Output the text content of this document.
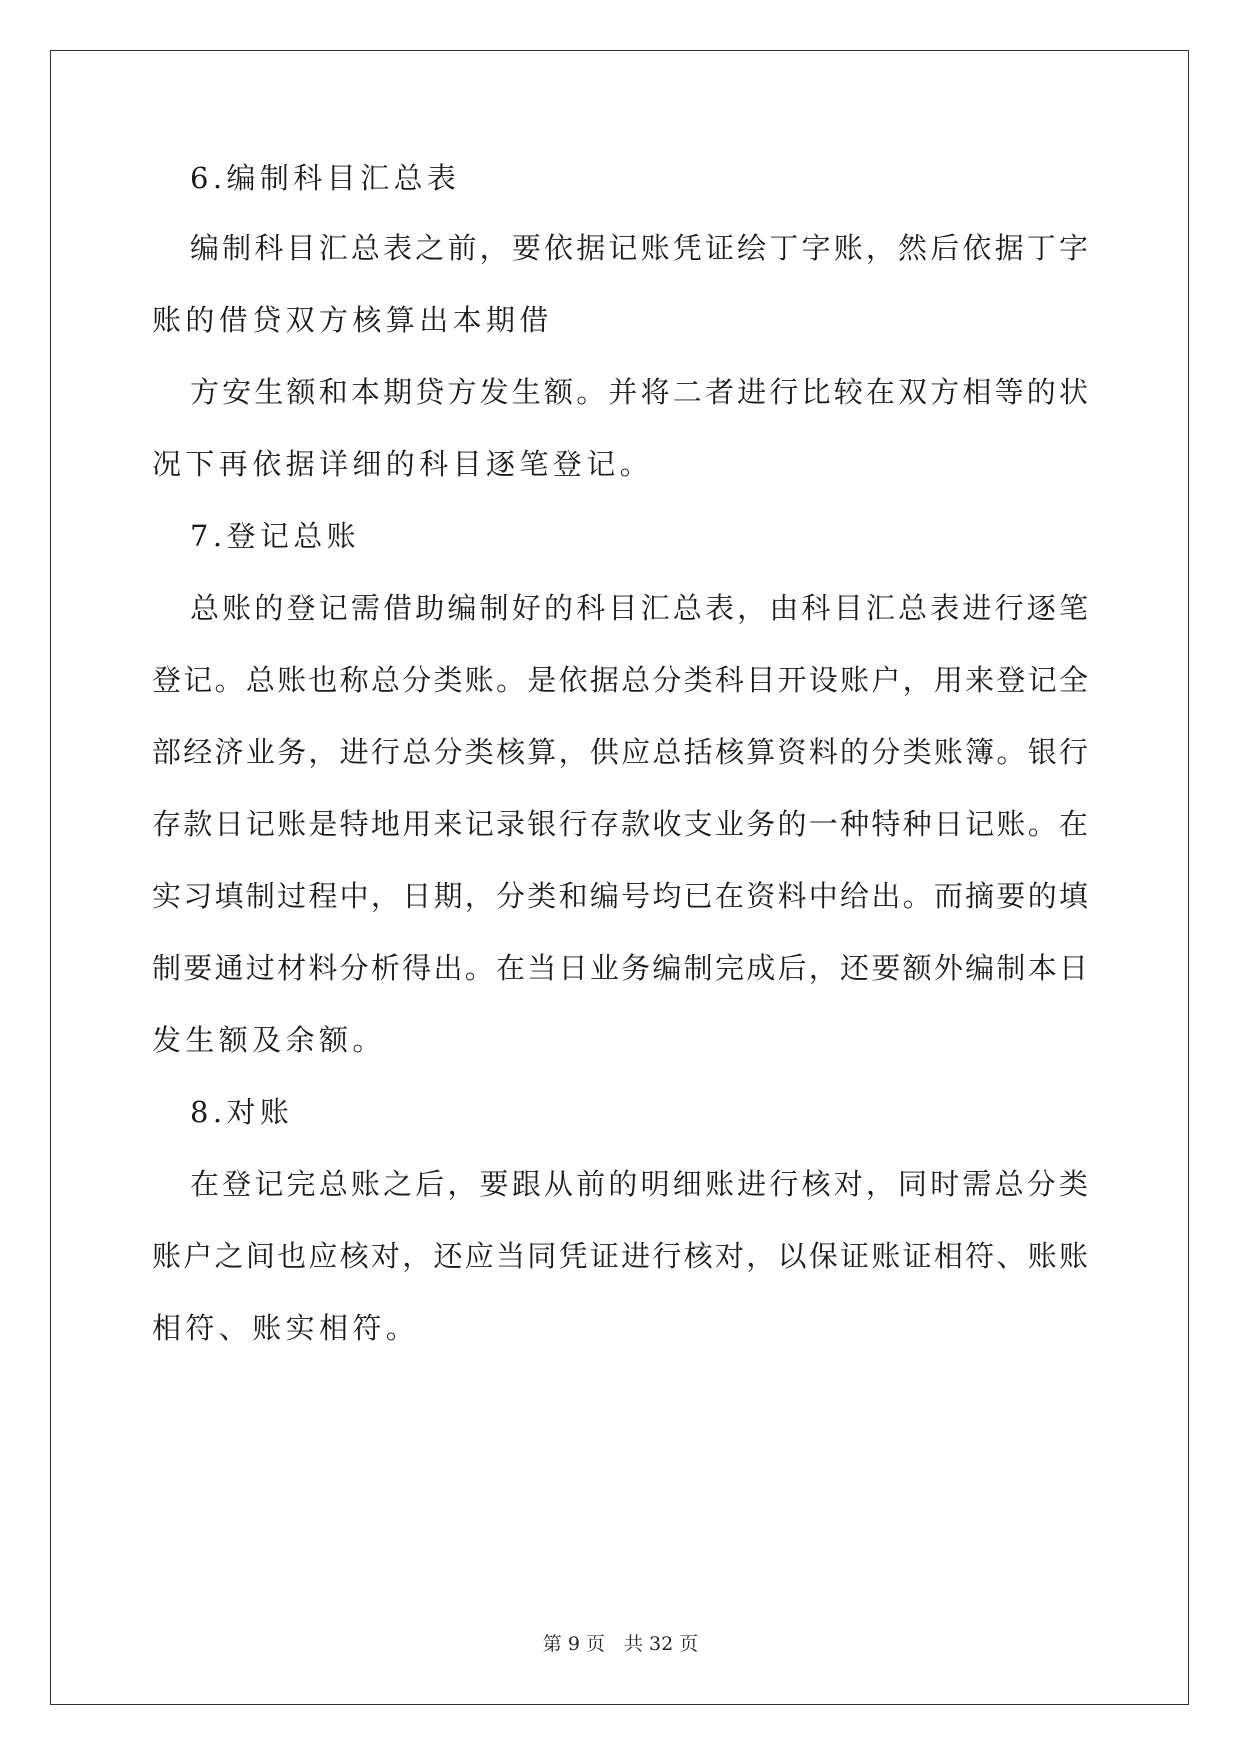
6.编制科目汇总表
编制科目汇总表之前，要依据记账凭证绘丁字账，然后依据丁字
账的借贷双方核算出本期借
方安生额和本期贷方发生额。并将二者进行比较在双方相等的状
况下再依据详细的科目逐笔登记。
7.登记总账
总账的登记需借助编制好的科目汇总表，由科目汇总表进行逐笔
登记。总账也称总分类账。是依据总分类科目开设账户，用来登记全
部经济业务，进行总分类核算，供应总括核算资料的分类账簿。银行
存款日记账是特地用来记录银行存款收支业务的一种特种日记账。在
实习填制过程中，日期，分类和编号均已在资料中给出。而摘要的填
制要通过材料分析得出。在当日业务编制完成后，还要额外编制本日
发生额及余额。
8.对账
在登记完总账之后，要跟从前的明细账进行核对，同时需总分类
账户之间也应核对，还应当同凭证进行核对，以保证账证相符、账账
相符、账实相符。
第 9 页　共 32 页
